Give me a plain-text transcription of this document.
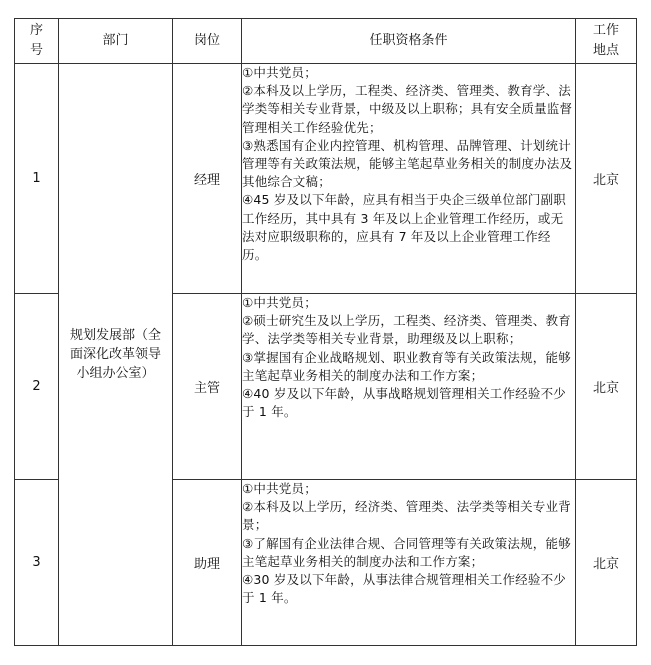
序号	部门	岗位	任职资格条件	工作地点
1	规划发展部（全面深化改革领导小组办公室）	经理	①中共党员；

②本科及以上学历，工程类、经济类、管理类、教育学、法学类等相关专业背景，中级及以上职称；具有安全质量监督管理相关工作经验优先；

③熟悉国有企业内控管理、机构管理、品牌管理、计划统计管理等有关政策法规，能够主笔起草业务相关的制度办法及其他综合文稿；

④45 岁及以下年龄，应具有相当于央企三级单位部门副职工作经历，其中具有 3 年及以上企业管理工作经历，或无法对应职级职称的，应具有 7 年及以上企业管理工作经历。	北京
2		主管	①中共党员；

②硕士研究生及以上学历，工程类、经济类、管理类、教育学、法学类等相关专业背景，助理级及以上职称；

③掌握国有企业战略规划、职业教育等有关政策法规，能够主笔起草业务相关的制度办法和工作方案；

④40 岁及以下年龄，从事战略规划管理相关工作经验不少于 1 年。	北京
3		助理	①中共党员；

②本科及以上学历，经济类、管理类、法学类等相关专业背景；

③了解国有企业法律合规、合同管理等有关政策法规，能够主笔起草业务相关的制度办法和工作方案；

④30 岁及以下年龄，从事法律合规管理相关工作经验不少于 1 年。	北京
